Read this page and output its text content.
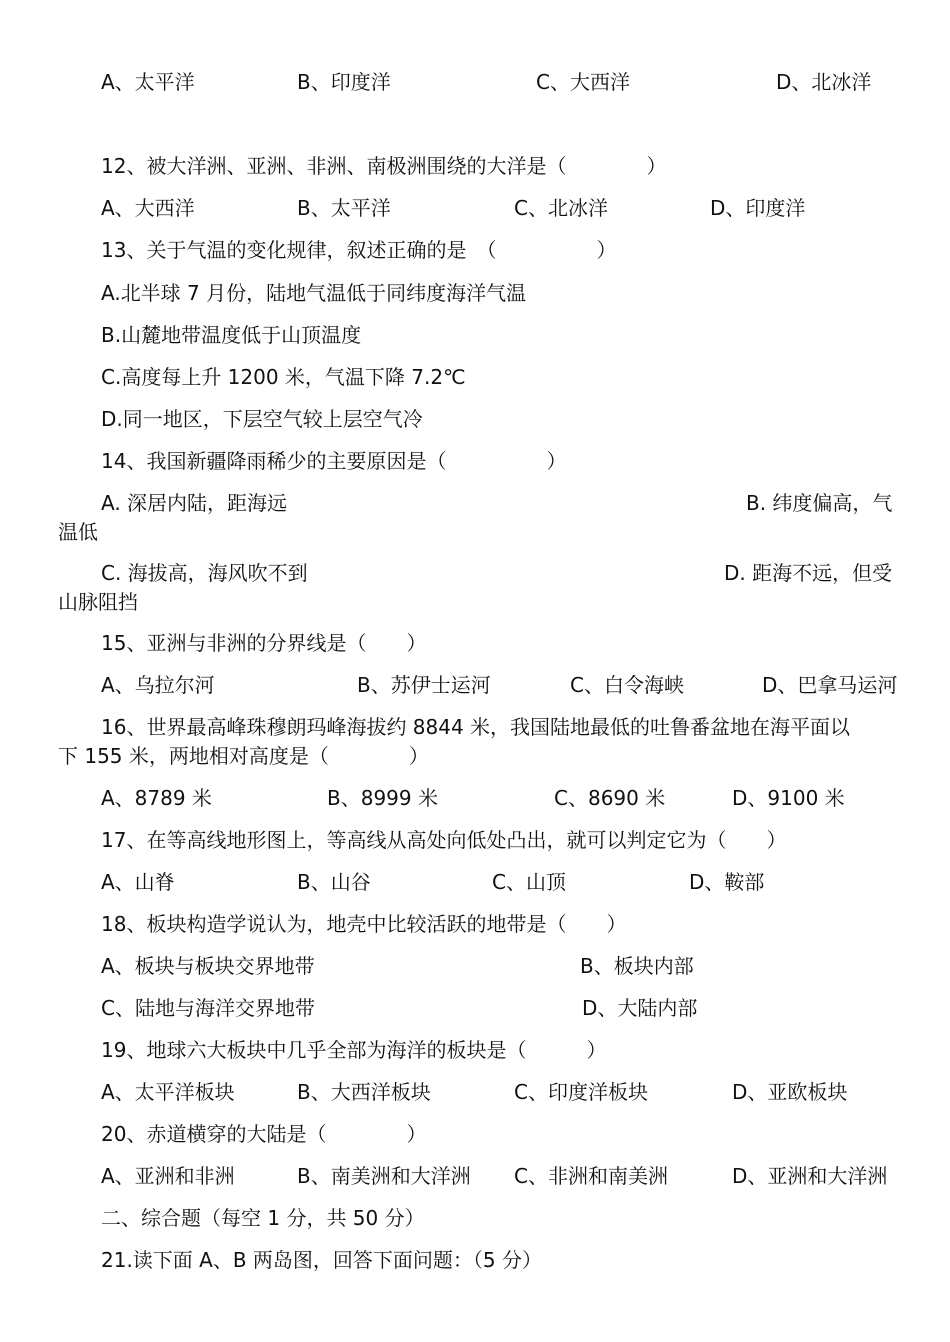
A、太平洋	B、印度洋	C、大西洋	D、北冰洋
12、被大洋洲、亚洲、非洲、南极洲围绕的大洋是（　　　　）
A、大西洋	B、太平洋	C、北冰洋	D、印度洋
13、关于气温的变化规律，叙述正确的是　（　　　　　）
A.北半球 7 月份，陆地气温低于同纬度海洋气温
B.山麓地带温度低于山顶温度
C.高度每上升 1200 米，气温下降 7.2℃
D.同一地区，下层空气较上层空气冷
14、我国新疆降雨稀少的主要原因是（　　　　　）
A. 深居内陆，距海远	B. 纬度偏高，气
温低
C. 海拔高，海风吹不到	D. 距海不远，但受
山脉阻挡
15、亚洲与非洲的分界线是（　　）
A、乌拉尔河	B、苏伊士运河	C、白令海峡	D、巴拿马运河
16、世界最高峰珠穆朗玛峰海拔约 8844 米，我国陆地最低的吐鲁番盆地在海平面以
下 155 米，两地相对高度是（　　　　）
A、8789 米	B、8999 米	C、8690 米	D、9100 米
17、在等高线地形图上，等高线从高处向低处凸出，就可以判定它为（　　）
A、山脊	B、山谷	C、山顶	D、鞍部
18、板块构造学说认为，地壳中比较活跃的地带是（　　）
A、板块与板块交界地带	B、板块内部
C、陆地与海洋交界地带	D、大陆内部
19、地球六大板块中几乎全部为海洋的板块是（　　　）
A、太平洋板块	B、大西洋板块	C、印度洋板块	D、亚欧板块
20、赤道横穿的大陆是（　　　　）
A、亚洲和非洲	B、南美洲和大洋洲 C、非洲和南美洲	D、亚洲和大洋洲
二、综合题（每空 1 分，共 50 分）
21.读下面 A、B 两岛图，回答下面问题：（5 分）
